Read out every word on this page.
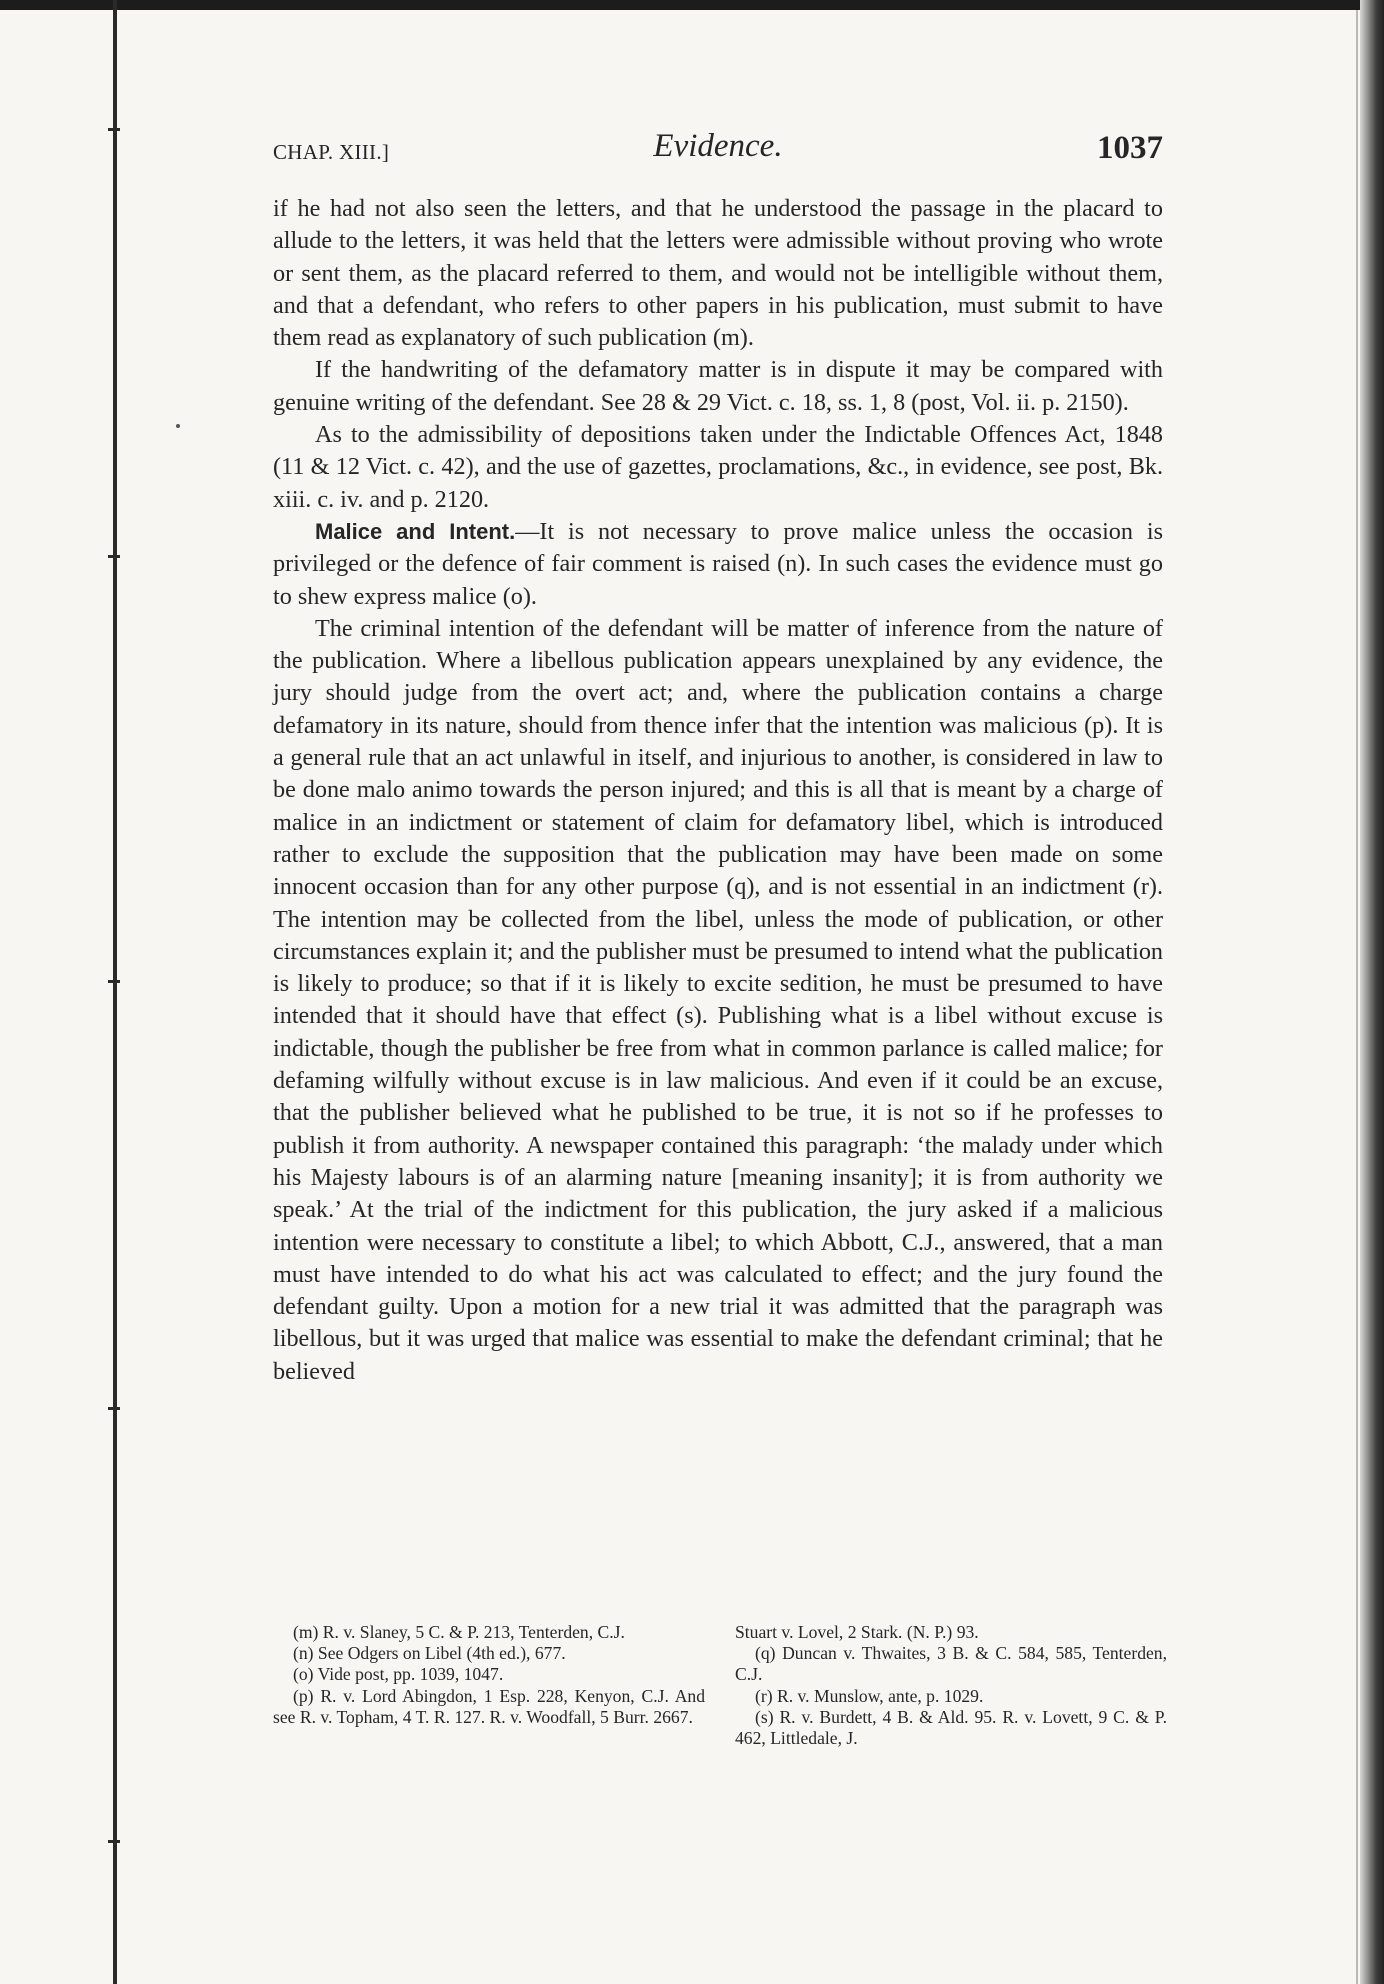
CHAP. XIII.]	Evidence.	1037

if he had not also seen the letters, and that he understood the passage in the placard to allude to the letters, it was held that the letters were admissible without proving who wrote or sent them, as the placard referred to them, and would not be intelligible without them, and that a defendant, who refers to other papers in his publication, must submit to have them read as explanatory of such publication (m).

If the handwriting of the defamatory matter is in dispute it may be compared with genuine writing of the defendant. See 28 & 29 Vict. c. 18, ss. 1, 8 (post, Vol. ii. p. 2150).

As to the admissibility of depositions taken under the Indictable Offences Act, 1848 (11 & 12 Vict. c. 42), and the use of gazettes, proclamations, &c., in evidence, see post, Bk. xiii. c. iv. and p. 2120.

Malice and Intent.—It is not necessary to prove malice unless the occasion is privileged or the defence of fair comment is raised (n). In such cases the evidence must go to shew express malice (o).

The criminal intention of the defendant will be matter of inference from the nature of the publication. Where a libellous publication appears unexplained by any evidence, the jury should judge from the overt act; and, where the publication contains a charge defamatory in its nature, should from thence infer that the intention was malicious (p). It is a general rule that an act unlawful in itself, and injurious to another, is considered in law to be done malo animo towards the person injured; and this is all that is meant by a charge of malice in an indictment or statement of claim for defamatory libel, which is introduced rather to exclude the supposition that the publication may have been made on some innocent occasion than for any other purpose (q), and is not essential in an indictment (r). The intention may be collected from the libel, unless the mode of publication, or other circumstances explain it; and the publisher must be presumed to intend what the publication is likely to produce; so that if it is likely to excite sedition, he must be presumed to have intended that it should have that effect (s). Publishing what is a libel without excuse is indictable, though the publisher be free from what in common parlance is called malice; for defaming wilfully without excuse is in law malicious. And even if it could be an excuse, that the publisher believed what he published to be true, it is not so if he professes to publish it from authority. A newspaper contained this paragraph: ‘the malady under which his Majesty labours is of an alarming nature [meaning insanity]; it is from authority we speak.’ At the trial of the indictment for this publication, the jury asked if a malicious intention were necessary to constitute a libel; to which Abbott, C.J., answered, that a man must have intended to do what his act was calculated to effect; and the jury found the defendant guilty. Upon a motion for a new trial it was admitted that the paragraph was libellous, but it was urged that malice was essential to make the defendant criminal; that he believed

(m) R. v. Slaney, 5 C. & P. 213, Tenterden, C.J.

(n) See Odgers on Libel (4th ed.), 677.

(o) Vide post, pp. 1039, 1047.

(p) R. v. Lord Abingdon, 1 Esp. 228, Kenyon, C.J. And see R. v. Topham, 4 T. R. 127. R. v. Woodfall, 5 Burr. 2667.

Stuart v. Lovel, 2 Stark. (N. P.) 93.

(q) Duncan v. Thwaites, 3 B. & C. 584, 585, Tenterden, C.J.

(r) R. v. Munslow, ante, p. 1029.

(s) R. v. Burdett, 4 B. & Ald. 95. R. v. Lovett, 9 C. & P. 462, Littledale, J.
